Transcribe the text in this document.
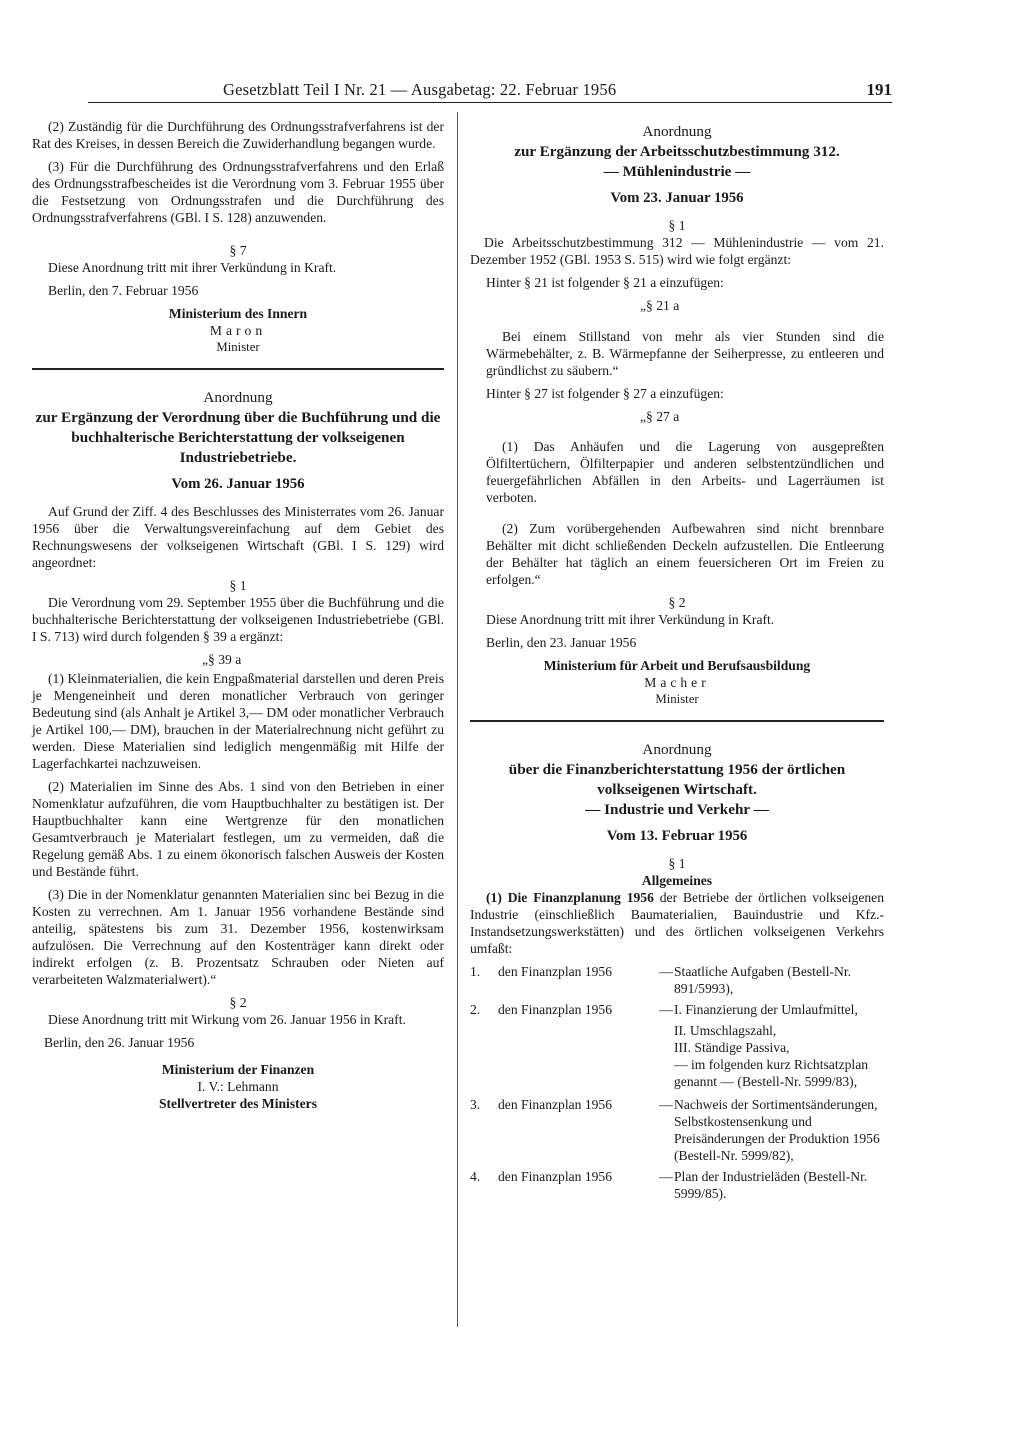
Gesetzblatt Teil I Nr. 21 — Ausgabetag: 22. Februar 1956	191

(2) Zuständig für die Durchführung des Ordnungsstrafverfahrens ist der Rat des Kreises, in dessen Bereich die Zuwiderhandlung begangen wurde.

(3) Für die Durchführung des Ordnungsstrafverfahrens und den Erlaß des Ordnungsstrafbescheides ist die Verordnung vom 3. Februar 1955 über die Festsetzung von Ordnungsstrafen und die Durchführung des Ordnungsstrafverfahrens (GBl. I S. 128) anzuwenden.

§ 7

Diese Anordnung tritt mit ihrer Verkündung in Kraft.

Berlin, den 7. Februar 1956

Ministerium des Innern

Maron

Minister

Anordnung

zur Ergänzung der Verordnung über die Buchführung und die buchhalterische Berichterstattung der volkseigenen Industriebetriebe.

Vom 26. Januar 1956

Auf Grund der Ziff. 4 des Beschlusses des Ministerrates vom 26. Januar 1956 über die Verwaltungsvereinfachung auf dem Gebiet des Rechnungswesens der volkseigenen Wirtschaft (GBl. I S. 129) wird angeordnet:

§ 1

Die Verordnung vom 29. September 1955 über die Buchführung und die buchhalterische Berichterstattung der volkseigenen Industriebetriebe (GBl. I S. 713) wird durch folgenden § 39 a ergänzt:

„§ 39 a

(1) Kleinmaterialien, die kein Engpaßmaterial darstellen und deren Preis je Mengeneinheit und deren monatlicher Verbrauch von geringer Bedeutung sind (als Anhalt je Artikel 3,— DM oder monatlicher Verbrauch je Artikel 100,— DM), brauchen in der Materialrechnung nicht geführt zu werden. Diese Materialien sind lediglich mengenmäßig mit Hilfe der Lagerfachkartei nachzuweisen.

(2) Materialien im Sinne des Abs. 1 sind von den Betrieben in einer Nomenklatur aufzuführen, die vom Hauptbuchhalter zu bestätigen ist. Der Hauptbuchhalter kann eine Wertgrenze für den monatlichen Gesamtverbrauch je Materialart festlegen, um zu vermeiden, daß die Regelung gemäß Abs. 1 zu einem ökonorisch falschen Ausweis der Kosten und Bestände führt.

(3) Die in der Nomenklatur genannten Materialien sinc bei Bezug in die Kosten zu verrechnen. Am 1. Januar 1956 vorhandene Bestände sind anteilig, spätestens bis zum 31. Dezember 1956, kostenwirksam aufzulösen. Die Verrechnung auf den Kostenträger kann direkt oder indirekt erfolgen (z. B. Prozentsatz Schrauben oder Nieten auf verarbeiteten Walzmaterialwert).“

§ 2

Diese Anordnung tritt mit Wirkung vom 26. Januar 1956 in Kraft.

Berlin, den 26. Januar 1956

Ministerium der Finanzen

I. V.: Lehmann

Stellvertreter des Ministers

Anordnung

zur Ergänzung der Arbeitsschutzbestimmung 312.

— Mühlenindustrie —

Vom 23. Januar 1956

§ 1

Die Arbeitsschutzbestimmung 312 — Mühlenindustrie — vom 21. Dezember 1952 (GBl. 1953 S. 515) wird wie folgt ergänzt:

Hinter § 21 ist folgender § 21 a einzufügen:

„§ 21 a

Bei einem Stillstand von mehr als vier Stunden sind die Wärmebehälter, z. B. Wärmepfanne der Seiherpresse, zu entleeren und gründlichst zu säubern.“

Hinter § 27 ist folgender § 27 a einzufügen:

„§ 27 a

(1) Das Anhäufen und die Lagerung von ausgepreßten Ölfiltertüchern, Ölfilterpapier und anderen selbstentzündlichen und feuergefährlichen Abfällen in den Arbeits- und Lagerräumen ist verboten.

(2) Zum vorübergehenden Aufbewahren sind nicht brennbare Behälter mit dicht schließenden Deckeln aufzustellen. Die Entleerung der Behälter hat täglich an einem feuersicheren Ort im Freien zu erfolgen.“

§ 2

Diese Anordnung tritt mit ihrer Verkündung in Kraft.

Berlin, den 23. Januar 1956

Ministerium für Arbeit und Berufsausbildung

Macher

Minister

Anordnung

über die Finanzberichterstattung 1956 der örtlichen volkseigenen Wirtschaft.

— Industrie und Verkehr —

Vom 13. Februar 1956

§ 1

Allgemeines

(1) Die Finanzplanung 1956 der Betriebe der örtlichen volkseigenen Industrie (einschließlich Baumaterialien, Bauindustrie und Kfz.-Instandsetzungswerkstätten) und des örtlichen volkseigenen Verkehrs umfaßt:

1.	den Finanzplan 1956	— Staatliche Aufgaben (Bestell-Nr. 891/5993),
2.	den Finanzplan 1956	— I. Finanzierung der Umlaufmittel,
II. Umschlagszahl,
III. Ständige Passiva,
— im folgenden kurz Richtsatzplan genannt — (Bestell-Nr. 5999/83),
3.	den Finanzplan 1956	— Nachweis der Sortimentsänderungen, Selbstkostensenkung und Preisänderungen der Produktion 1956 (Bestell-Nr. 5999/82),
4.	den Finanzplan 1956	— Plan der Industrieläden (Bestell-Nr. 5999/85).
